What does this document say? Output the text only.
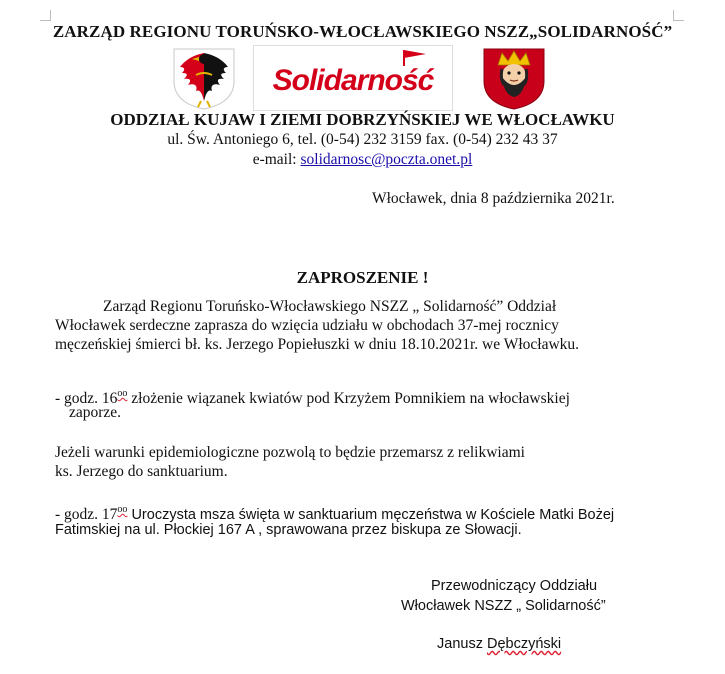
ZARZĄD REGIONU TORUŃSKO-WŁOCŁAWSKIEGO NSZZ„SOLIDARNOŚĆ”
Solidarność
ODDZIAŁ KUJAW I ZIEMI DOBRZYŃSKIEJ WE WŁOCŁAWKU
ul. Św. Antoniego 6, tel. (0-54) 232 3159 fax. (0-54) 232 43 37
e-mail: solidarnosc@poczta.onet.pl
Włocławek, dnia 8 października 2021r.
ZAPROSZENIE !
Zarząd Regionu Toruńsko-Włocławskiego NSZZ „ Solidarność” Oddział
Włocławek serdeczne zaprasza do wzięcia udziału w obchodach 37-mej rocznicy
męczeńskiej śmierci bł. ks. Jerzego Popiełuszki w dniu 18.10.2021r. we Włocławku.
- godz. $16^{oo}$ złożenie wiązanek kwiatów pod Krzyżem Pomnikiem na włocławskiej
zaporze.
Jeżeli warunki epidemiologiczne pozwolą to będzie przemarsz z relikwiami
ks. Jerzego do sanktuarium.
- godz. $17^{oo}$ Uroczysta msza święta w sanktuarium męczeństwa w Kościele Matki Bożej
Fatimskiej na ul. Płockiej 167 A , sprawowana przez biskupa ze Słowacji.
Przewodniczący Oddziału
Włocławek NSZZ „ Solidarność”
Janusz Dębczyński
